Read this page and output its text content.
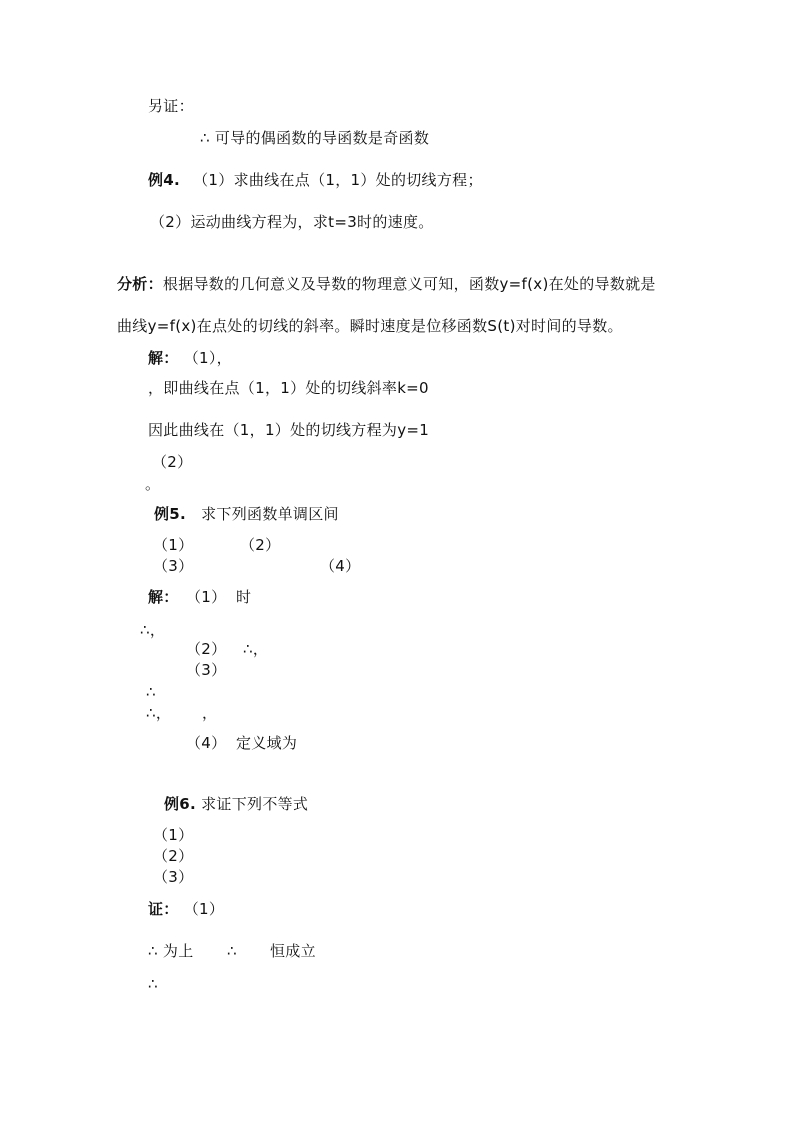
另证：
∴ 可导的偶函数的导函数是奇函数
例4. （1）求曲线在点（1，1）处的切线方程；
（2）运动曲线方程为，求t=3时的速度。
分析：根据导数的几何意义及导数的物理意义可知，函数y=f(x)在处的导数就是
曲线y=f(x)在点处的切线的斜率。瞬时速度是位移函数S(t)对时间的导数。
解： （1），
，即曲线在点（1，1）处的切线斜率k=0
因此曲线在（1，1）处的切线方程为y=1
（2）
。
例5. 求下列函数单调区间
（1）	（2）
（3）	（4）
解： （1） 时
∴，
（2） ∴，
（3）
∴
∴， ，
（4） 定义域为
例6. 求证下列不等式
（1）
（2）
（3）
证： （1）
∴ 为上 ∴ 恒成立
∴
